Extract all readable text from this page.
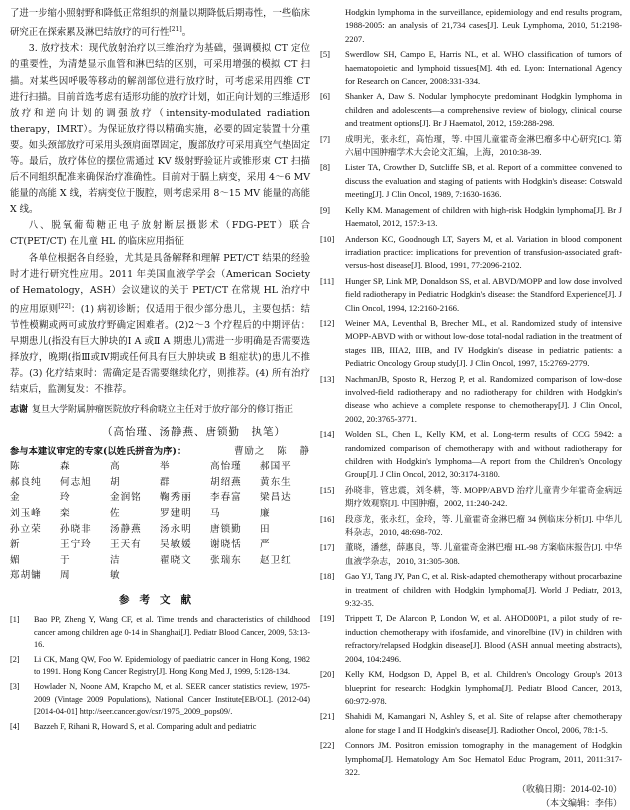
了进一步缩小照射野和降低正常组织的剂量以期降低后期毒性，一些临床研究正在探索累及淋巴结放疗的可行性[21]。

3. 放疗技术：现代放射治疗以三维治疗为基础，强调模拟 CT 定位的重要性，为清楚显示血管和淋巴结的区别，可采用增强的模拟 CT 扫描。对某些因呼吸等移动的解剖部位进行放疗时，可考虑采用四维 CT 进行扫描。目前首选考虑有适形功能的放疗计划，如正向计划的三维适形放疗和逆向计划的调强放疗（intensity-modulated radiation therapy，IMRT）。为保证放疗得以精确实施，必要的固定装置十分重要。如头颈部放疗可采用头颈肩面罩固定，腹部放疗可采用真空气垫固定等。最后，放疗体位的摆位需通过 KV 级射野验证片或锥形束 CT 扫描后不同组织配准来确保治疗准确性。目前对于膈上病变，采用 4～6 MV 能量的高能 X 线，若病变位于腹腔，则考虑采用 8～15 MV 能量的高能 X 线。

八、脱氧葡萄糖正电子放射断层摄影术（FDG-PET）联合 CT(PET/CT) 在儿童 HL 的临床应用指征

各单位根据各自经验，尤其是具备解释和理解 PET/CT 结果的经验时才进行研究性应用。2011 年美国血液学学会（American Society of Hematology，ASH）会议建议的关于 PET/CT 在常规 HL 治疗中的应用原则[22]：(1) 病初诊断；仅适用于很少部分患儿，主要包括：结节性模糊或两可或放疗野确定困难者。(2)2～3 个疗程后的中期评估：早期患儿(指没有巨大肿块的Ⅰ A 或Ⅱ A 期患儿)需进一步明确是否需要选择放疗，晚期(指Ⅲ或Ⅳ期或任何具有巨大肿块或 B 组症状)的患儿不推荐。(3) 化疗结束时：需确定是否需要继续化疗，则推荐。(4) 所有治疗结束后，监测复发：不推荐。

志谢 复旦大学附属肿瘤医院放疗科俞晓立主任对于放疗部分的修订指正

（高怡瑾、汤静燕、唐锁勤　执笔）

参与本建议审定的专家(以姓氏拼音为序)：	曹励之 陈 静
陈	森	高	举	高怡瑾	郝国平
郝良纯	何志旭	胡	群	胡绍燕	黄东生
金	玲	金润铭	鞠秀丽	李春富	梁昌达
刘玉峰	栾	佐	罗建明	马	廉
孙立荣	孙晓非	汤静燕	汤永明	唐锁勤	田
新	王宁玲	王天有	吴敏媛	谢晓恬	严
媚	于	洁	翟晓文	张瑞东	赵卫红
郑胡镛	周	敏
参考文献
[1]	Bao PP, Zheng Y, Wang CF, et al. Time trends and characteristics of childhood cancer among children age 0-14 in Shanghai[J]. Pediatr Blood Cancer, 2009, 53:13-16.
[2]	Li CK, Mang QW, Foo W. Epidemiology of paediatric cancer in Hong Kong, 1982 to 1991. Hong Kong Cancer Registry[J]. Hong Kong Med J, 1999, 5:128-134.
[3]	Howlader N, Noone AM, Krapcho M, et al. SEER cancer statistics review, 1975-2009 (Vintage 2009 Populations), National Cancer Institute[EB/OL]. (2012-04) [2014-04-01] http://seer.cancer.gov/csr/1975_2009_pops09/.
[4]	Bazzeh F, Rihani R, Howard S, et al. Comparing adult and pediatric
Hodgkin lymphoma in the surveillance, epidemiology and end results program, 1988-2005: an analysis of 21,734 cases[J]. Leuk Lymphoma, 2010, 51:2198-2207.
[5]	Swerdlow SH, Campo E, Harris NL, et al. WHO classification of tumors of haematopoietic and lymphoid tissues[M]. 4th ed. Lyon: International Agency for Research on Cancer, 2008:331-334.
[6]	Shanker A, Daw S. Nodular lymphocyte predominant Hodgkin lymphoma in children and adolescents—a comprehensive review of biology, clinical course and treatment options[J]. Br J Haematol, 2012, 159:288-298.
[7]	成明光，张永红，高怡瑾，等. 中国儿童霍奇金淋巴瘤多中心研究[C]. 第六届中国肿瘤学术大会论文汇编，上海，2010:38-39.
[8]	Lister TA, Crowther D, Sutcliffe SB, et al. Report of a committee convened to discuss the evaluation and staging of patients with Hodgkin's disease: Cotswald meeting[J]. J Clin Oncol, 1989, 7:1630-1636.
[9]	Kelly KM. Management of children with high-risk Hodgkin lymphoma[J]. Br J Haematol, 2012, 157:3-13.
[10]	Anderson KC, Goodnough LT, Sayers M, et al. Variation in blood component irradiation practice: implications for prevention of transfusion-associated graft-versus-host disease[J]. Blood, 1991, 77:2096-2102.
[11]	Hunger SP, Link MP, Donaldson SS, et al. ABVD/MOPP and low dose involved field radiotherapy in Pediatric Hodgkin's disease: the Standford Experience[J]. J Clin Oncol, 1994, 12:2160-2166.
[12]	Weiner MA, Leventhal B, Brecher ML, et al. Randomized study of intensive MOPP-ABVD with or without low-dose total-nodal radiation in the treatment of stages IIB, IIIA2, IIIB, and IV Hodgkin's disease in pediatric patients: a Pediatric Oncology Group study[J]. J Clin Oncol, 1997, 15:2769-2779.
[13]	NachmanJB, Sposto R, Herzog P, et al. Randomized comparison of low-dose involved-field radiotherapy and no radiotherapy for children with Hodgkin's disease who achieve a complete response to chemotherapy[J]. J Clin Oncol, 2002, 20:3765-3771.
[14]	Wolden SL, Chen L, Kelly KM, et al. Long-term results of CCG 5942: a randomized comparison of chemotherapy with and without radiotherapy for children with Hodgkin's lymphoma—A report from the Children's Oncology Group[J]. J Clin Oncol, 2012, 30:3174-3180.
[15]	孙晓非，管忠震，刘冬耕，等. MOPP/ABVD 治疗儿童青少年霍奇金病远期疗效观察[J]. 中国肿瘤，2002, 11:240-242.
[16]	段彦龙，张永红，金玲，等. 儿童霍奇金淋巴瘤 34 例临床分析[J]. 中华儿科杂志，2010, 48:698-702.
[17]	董晓，潘慈，薛惠良，等. 儿童霍奇金淋巴瘤 HL-98 方案临床报告[J]. 中华血液学杂志，2010, 31:305-308.
[18]	Gao YJ, Tang JY, Pan C, et al. Risk-adapted chemotherapy without procarbazine in treatment of children with Hodgkin lymphoma[J]. World J Pediatr, 2013, 9:32-35.
[19]	Trippett T, De Alarcon P, London W, et al. AHOD00P1, a pilot study of re-induction chemotherapy with ifosfamide, and vinorelbine (IV) in children with refractory/relapsed Hodgkin disease[J]. Blood (ASH annual meeting abstracts), 2004, 104:2496.
[20]	Kelly KM, Hodgson D, Appel B, et al. Children's Oncology Group's 2013 blueprint for research: Hodgkin lymphoma[J]. Pediatr Blood Cancer, 2013, 60:972-978.
[21]	Shahidi M, Kamangari N, Ashley S, et al. Site of relapse after chemotherapy alone for stage I and II Hodgkin's disease[J]. Radiother Oncol, 2006, 78:1-5.
[22]	Connors JM. Positron emission tomography in the management of Hodgkin lymphoma[J]. Hematology Am Soc Hematol Educ Program, 2011, 2011:317-322.

（收稿日期：2014-02-10）

（本文编辑：李伟）
